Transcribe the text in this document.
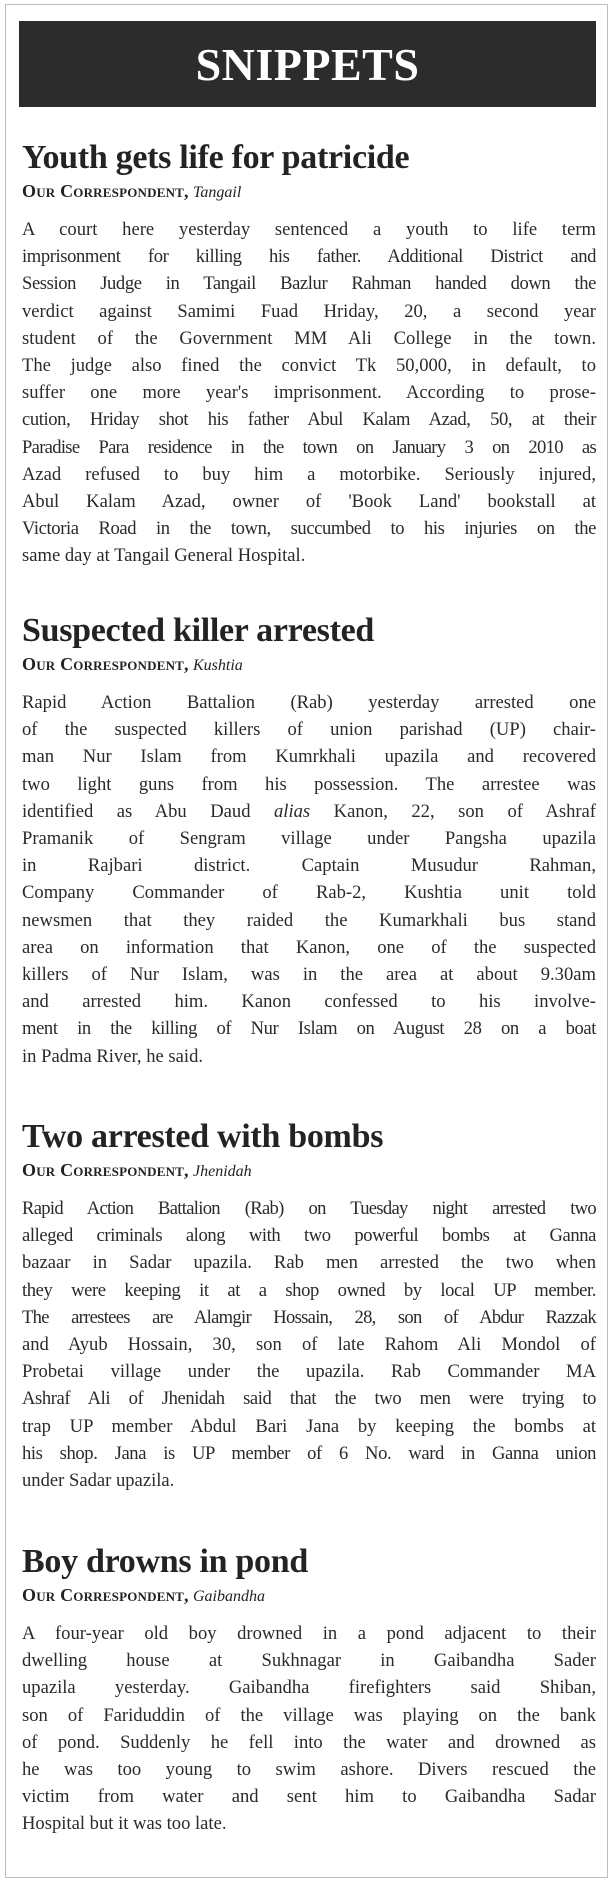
SNIPPETS
Youth gets life for patricide
Our Correspondent, Tangail
A court here yesterday sentenced a youth to life term
imprisonment for killing his father. Additional District and
Session Judge in Tangail Bazlur Rahman handed down the
verdict against Samimi Fuad Hriday, 20, a second year
student of the Government MM Ali College in the town.
The judge also fined the convict Tk 50,000, in default, to
suffer one more year's imprisonment. According to prose-
cution, Hriday shot his father Abul Kalam Azad, 50, at their
Paradise Para residence in the town on January 3 on 2010 as
Azad refused to buy him a motorbike. Seriously injured,
Abul Kalam Azad, owner of 'Book Land' bookstall at
Victoria Road in the town, succumbed to his injuries on the
same day at Tangail General Hospital.
Suspected killer arrested
Our Correspondent, Kushtia
Rapid Action Battalion (Rab) yesterday arrested one
of the suspected killers of union parishad (UP) chair-
man Nur Islam from Kumrkhali upazila and recovered
two light guns from his possession. The arrestee was
identified as Abu Daud alias Kanon, 22, son of Ashraf
Pramanik of Sengram village under Pangsha upazila
in Rajbari district. Captain Musudur Rahman,
Company Commander of Rab-2, Kushtia unit told
newsmen that they raided the Kumarkhali bus stand
area on information that Kanon, one of the suspected
killers of Nur Islam, was in the area at about 9.30am
and arrested him. Kanon confessed to his involve-
ment in the killing of Nur Islam on August 28 on a boat
in Padma River, he said.
Two arrested with bombs
Our Correspondent, Jhenidah
Rapid Action Battalion (Rab) on Tuesday night arrested two
alleged criminals along with two powerful bombs at Ganna
bazaar in Sadar upazila. Rab men arrested the two when
they were keeping it at a shop owned by local UP member.
The arrestees are Alamgir Hossain, 28, son of Abdur Razzak
and Ayub Hossain, 30, son of late Rahom Ali Mondol of
Probetai village under the upazila. Rab Commander MA
Ashraf Ali of Jhenidah said that the two men were trying to
trap UP member Abdul Bari Jana by keeping the bombs at
his shop. Jana is UP member of 6 No. ward in Ganna union
under Sadar upazila.
Boy drowns in pond
Our Correspondent, Gaibandha
A four-year old boy drowned in a pond adjacent to their
dwelling house at Sukhnagar in Gaibandha Sader
upazila yesterday. Gaibandha firefighters said Shiban,
son of Fariduddin of the village was playing on the bank
of pond. Suddenly he fell into the water and drowned as
he was too young to swim ashore. Divers rescued the
victim from water and sent him to Gaibandha Sadar
Hospital but it was too late.
